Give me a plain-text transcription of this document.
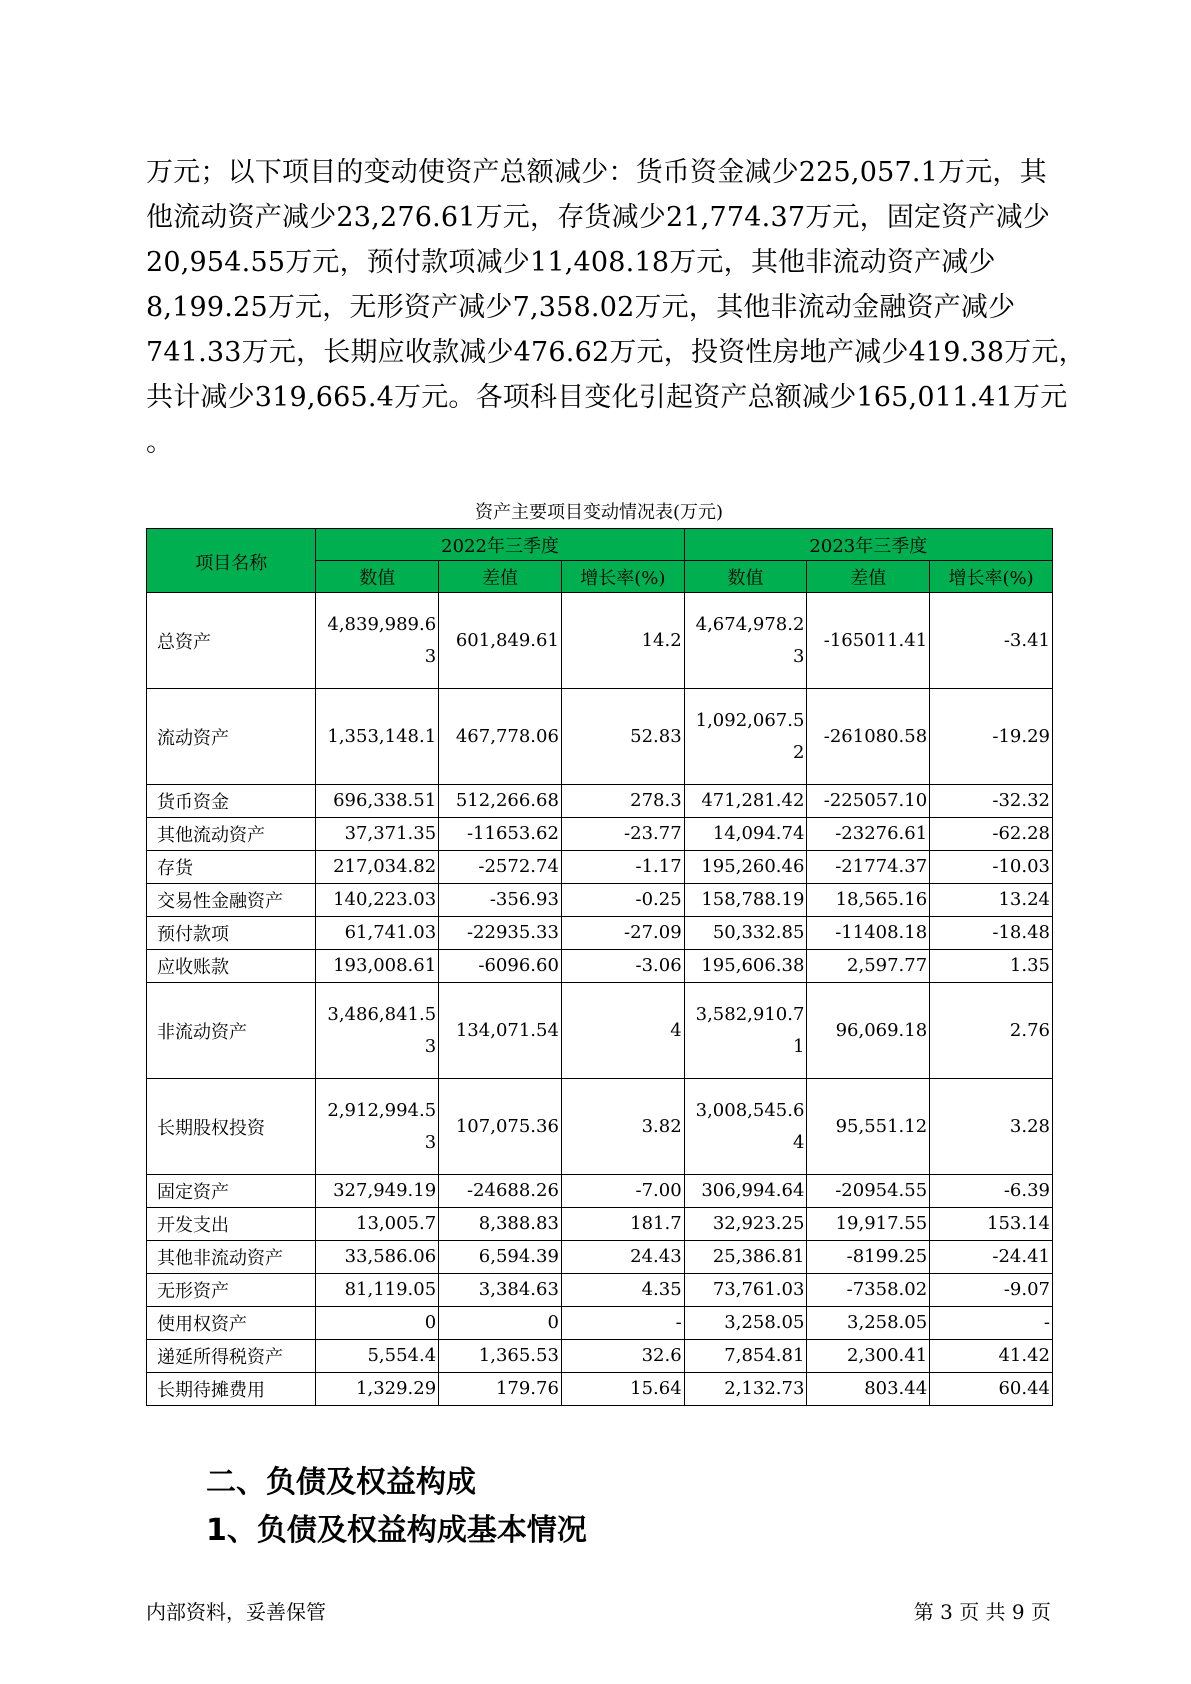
万元；以下项目的变动使资产总额减少：货币资金减少225,057.1万元，其
他流动资产减少23,276.61万元，存货减少21,774.37万元，固定资产减少
20,954.55万元，预付款项减少11,408.18万元，其他非流动资产减少
8,199.25万元，无形资产减少7,358.02万元，其他非流动金融资产减少
741.33万元，长期应收款减少476.62万元，投资性房地产减少419.38万元，
共计减少319,665.4万元。各项科目变化引起资产总额减少165,011.41万元
。
资产主要项目变动情况表(万元)
项目名称	2022年三季度			2023年三季度		
	数值	差值	增长率(%)	数值	差值	增长率(%)
总资产	4,839,989.63	601,849.61	14.2	4,674,978.23	-165011.41	-3.41
流动资产	1,353,148.1	467,778.06	52.83	1,092,067.52	-261080.58	-19.29
货币资金	696,338.51	512,266.68	278.3	471,281.42	-225057.10	-32.32
其他流动资产	37,371.35	-11653.62	-23.77	14,094.74	-23276.61	-62.28
存货	217,034.82	-2572.74	-1.17	195,260.46	-21774.37	-10.03
交易性金融资产	140,223.03	-356.93	-0.25	158,788.19	18,565.16	13.24
预付款项	61,741.03	-22935.33	-27.09	50,332.85	-11408.18	-18.48
应收账款	193,008.61	-6096.60	-3.06	195,606.38	2,597.77	1.35
非流动资产	3,486,841.53	134,071.54	4	3,582,910.71	96,069.18	2.76
长期股权投资	2,912,994.53	107,075.36	3.82	3,008,545.64	95,551.12	3.28
固定资产	327,949.19	-24688.26	-7.00	306,994.64	-20954.55	-6.39
开发支出	13,005.7	8,388.83	181.7	32,923.25	19,917.55	153.14
其他非流动资产	33,586.06	6,594.39	24.43	25,386.81	-8199.25	-24.41
无形资产	81,119.05	3,384.63	4.35	73,761.03	-7358.02	-9.07
使用权资产	0	0	-	3,258.05	3,258.05	-
递延所得税资产	5,554.4	1,365.53	32.6	7,854.81	2,300.41	41.42
长期待摊费用	1,329.29	179.76	15.64	2,132.73	803.44	60.44
二、负债及权益构成
1、负债及权益构成基本情况
内部资料，妥善保管	第 3 页 共 9 页
